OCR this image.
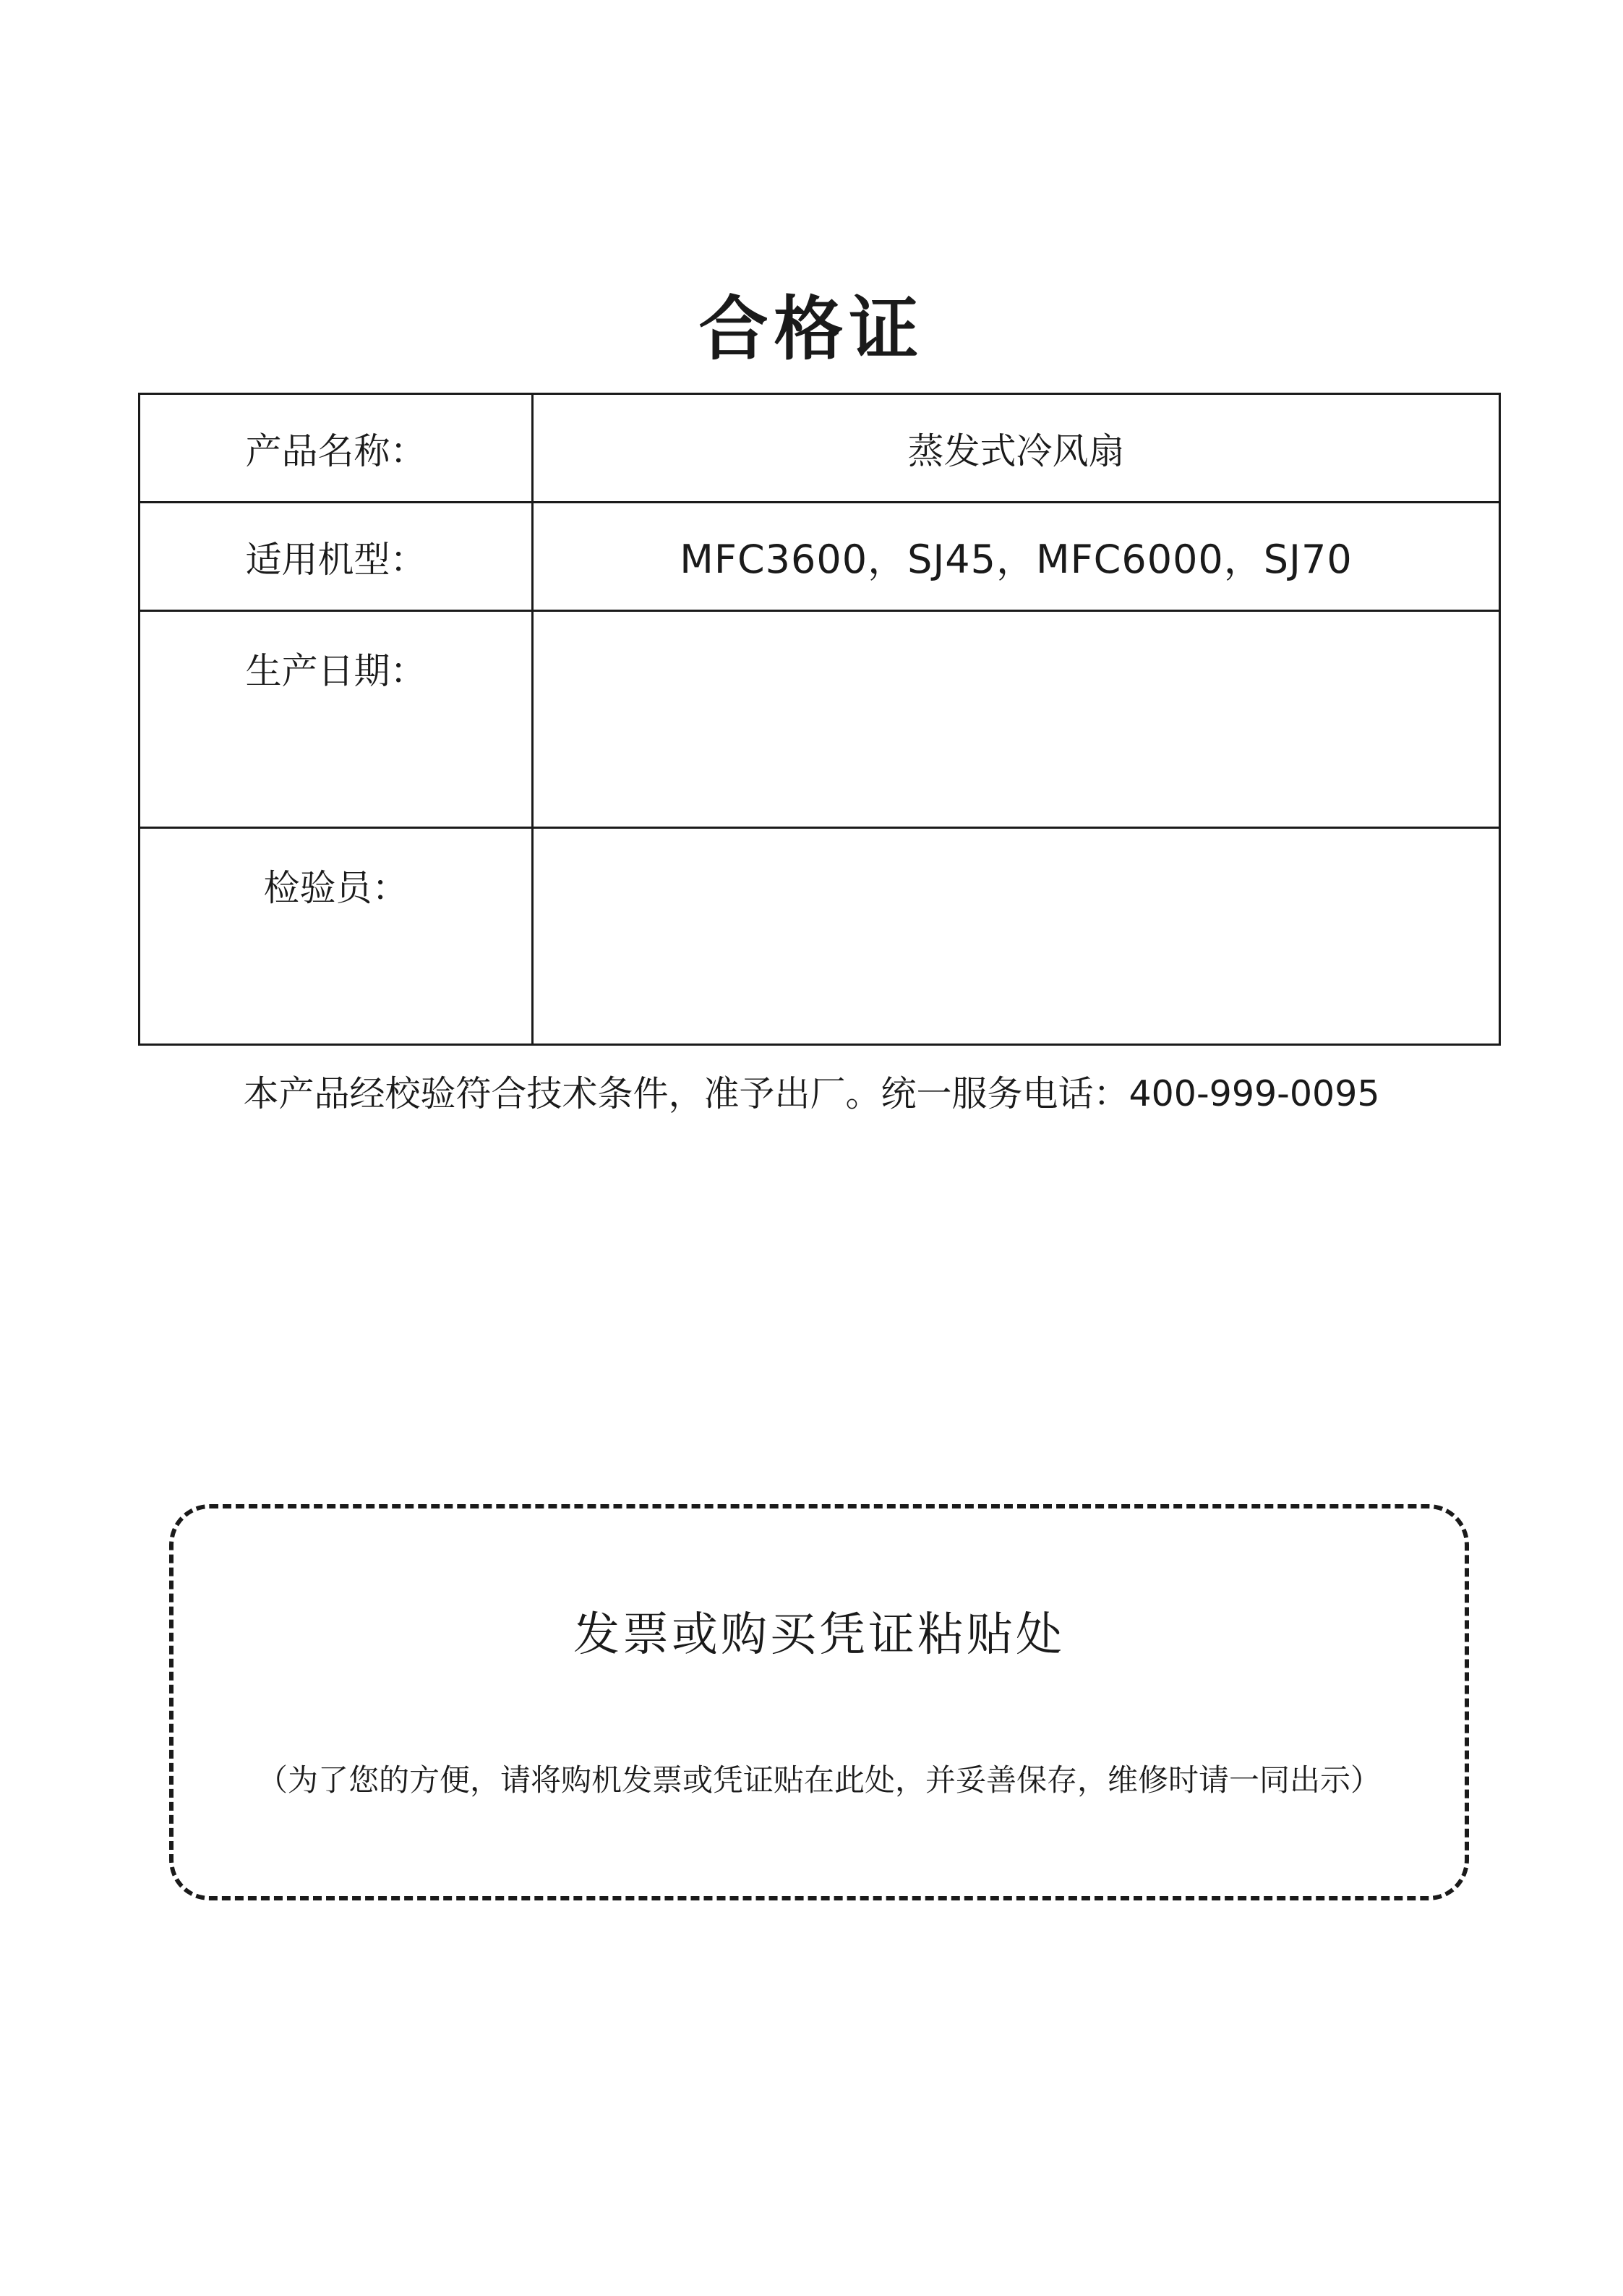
合格证
产品名称：	蒸发式冷风扇
适用机型：	MFC3600，SJ45，MFC6000，SJ70
生产日期：	
检验员：	
本产品经校验符合技术条件，准予出厂。统一服务电话：400-999-0095
发票或购买凭证粘贴处
（为了您的方便，请将购机发票或凭证贴在此处，并妥善保存，维修时请一同出示）
